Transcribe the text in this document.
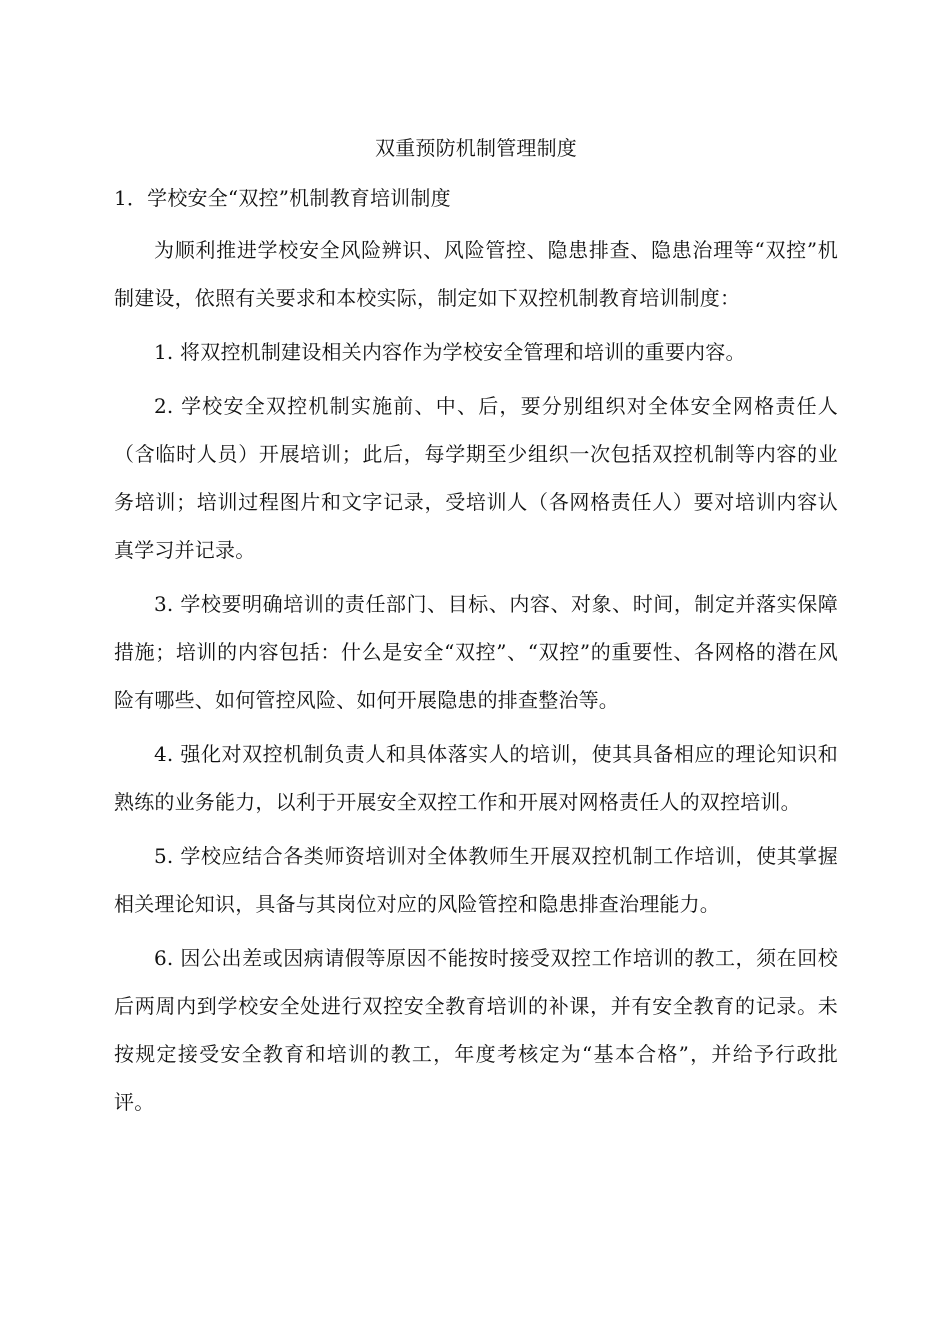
双重预防机制管理制度
1．学校安全“双控”机制教育培训制度

为顺利推进学校安全风险辨识、风险管控、隐患排查、隐患治理等“双控”机制建设，依照有关要求和本校实际，制定如下双控机制教育培训制度：

1. 将双控机制建设相关内容作为学校安全管理和培训的重要内容。

2. 学校安全双控机制实施前、中、后，要分别组织对全体安全网格责任人（含临时人员）开展培训；此后，每学期至少组织一次包括双控机制等内容的业务培训；培训过程图片和文字记录，受培训人（各网格责任人）要对培训内容认真学习并记录。

3. 学校要明确培训的责任部门、目标、内容、对象、时间，制定并落实保障措施；培训的内容包括：什么是安全“双控”、“双控”的重要性、各网格的潜在风险有哪些、如何管控风险、如何开展隐患的排查整治等。

4. 强化对双控机制负责人和具体落实人的培训，使其具备相应的理论知识和熟练的业务能力，以利于开展安全双控工作和开展对网格责任人的双控培训。

5. 学校应结合各类师资培训对全体教师生开展双控机制工作培训，使其掌握相关理论知识，具备与其岗位对应的风险管控和隐患排查治理能力。

6. 因公出差或因病请假等原因不能按时接受双控工作培训的教工，须在回校后两周内到学校安全处进行双控安全教育培训的补课，并有安全教育的记录。未按规定接受安全教育和培训的教工，年度考核定为“基本合格”，并给予行政批评。
